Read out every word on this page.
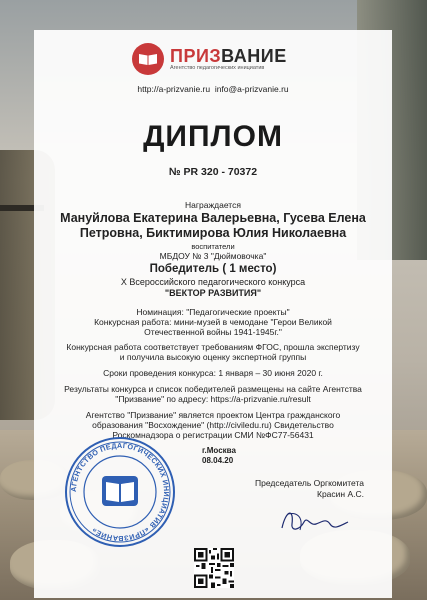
ПРИЗВАНИЕ
Агентство педагогических инициатив
http://a-prizvanie.ru  info@a-prizvanie.ru
ДИПЛОМ
№ PR 320 - 70372
Награждается
Мануйлова Екатерина Валерьевна, Гусева Елена Петровна, Биктимирова Юлия Николаевна
воспитатели
МБДОУ № 3 "Дюймовочка"
Победитель ( 1 место)
X Всероссийского педагогического конкурса
"ВЕКТОР РАЗВИТИЯ"
Номинация: "Педагогические проекты"
Конкурсная работа: мини-музей в чемодане "Герои Великой Отечественной войны 1941-1945г."
Конкурсная работа соответствует требованиям ФГОС, прошла экспертизу и получила высокую оценку экспертной группы
Сроки проведения конкурса: 1 января – 30 июня 2020 г.
Результаты конкурса и список победителей размещены на сайте Агентства "Призвание" по адресу: https://a-prizvanie.ru/result
Агентство "Призвание" является проектом Центра гражданского образования "Восхождение" (http://civiledu.ru) Свидетельство Роскомнадзора о регистрации СМИ №ФС77-56431
г.Москва
08.04.20
Председатель Оргкомитета
Красин А.С.
АГЕНТСТВО ПЕДАГОГИЧЕСКИХ ИНИЦИАТИВ «ПРИЗВАНИЕ»
